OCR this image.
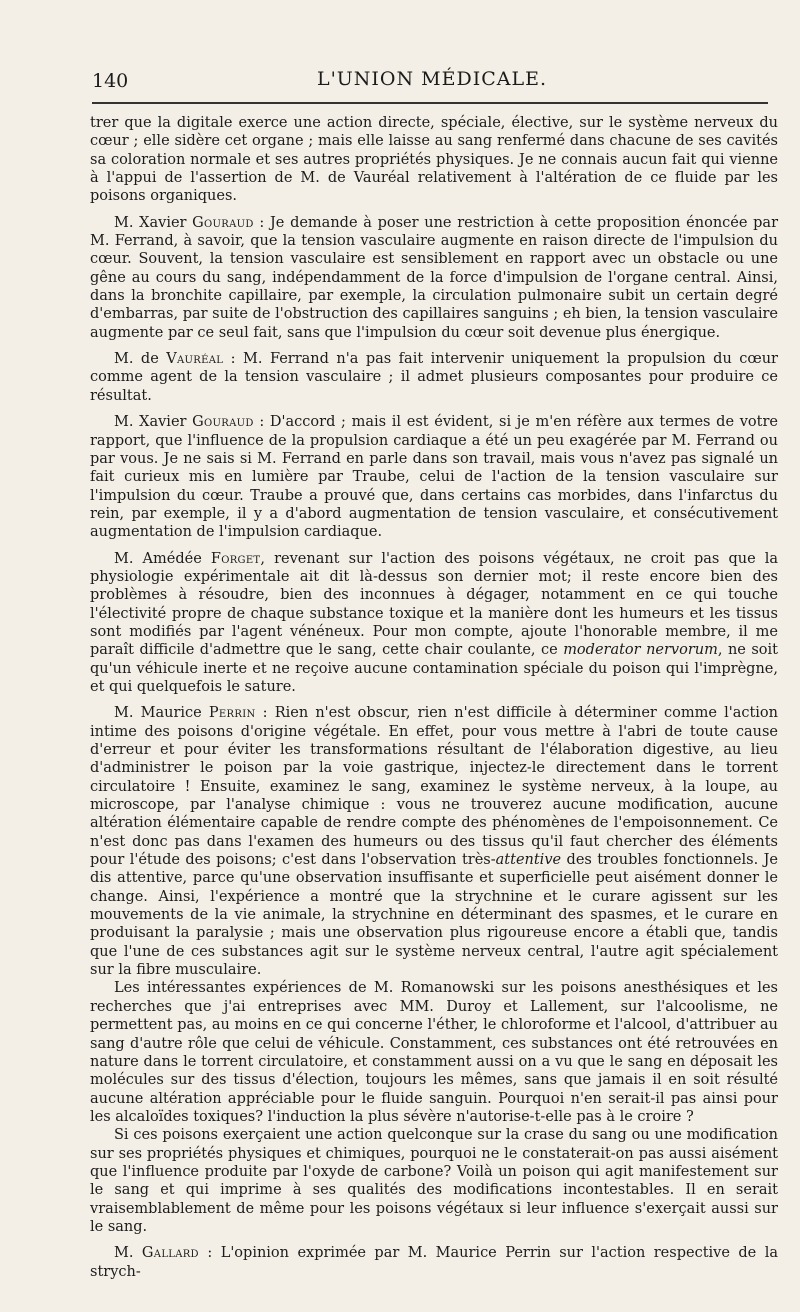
140	L'UNION MÉDICALE.

trer que la digitale exerce une action directe, spéciale, élective, sur le système nerveux du cœur ; elle sidère cet organe ; mais elle laisse au sang renfermé dans chacune de ses cavités sa coloration normale et ses autres propriétés physiques. Je ne connais aucun fait qui vienne à l'appui de l'assertion de M. de Vauréal relativement à l'altération de ce fluide par les poisons organiques.

M. Xavier Gouraud : Je demande à poser une restriction à cette proposition énoncée par M. Ferrand, à savoir, que la tension vasculaire augmente en raison directe de l'impulsion du cœur. Souvent, la tension vasculaire est sensiblement en rapport avec un obstacle ou une gêne au cours du sang, indépendamment de la force d'impulsion de l'organe central. Ainsi, dans la bronchite capillaire, par exemple, la circulation pulmonaire subit un certain degré d'embarras, par suite de l'obstruction des capillaires sanguins ; eh bien, la tension vasculaire augmente par ce seul fait, sans que l'impulsion du cœur soit devenue plus énergique.

M. de Vauréal : M. Ferrand n'a pas fait intervenir uniquement la propulsion du cœur comme agent de la tension vasculaire ; il admet plusieurs composantes pour produire ce résultat.

M. Xavier Gouraud : D'accord ; mais il est évident, si je m'en réfère aux termes de votre rapport, que l'influence de la propulsion cardiaque a été un peu exagérée par M. Ferrand ou par vous. Je ne sais si M. Ferrand en parle dans son travail, mais vous n'avez pas signalé un fait curieux mis en lumière par Traube, celui de l'action de la tension vasculaire sur l'impulsion du cœur. Traube a prouvé que, dans certains cas morbides, dans l'infarctus du rein, par exemple, il y a d'abord augmentation de tension vasculaire, et consécutivement augmentation de l'impulsion cardiaque.

M. Amédée Forget, revenant sur l'action des poisons végétaux, ne croit pas que la physiologie expérimentale ait dit là-dessus son dernier mot; il reste encore bien des problèmes à résoudre, bien des inconnues à dégager, notamment en ce qui touche l'électivité propre de chaque substance toxique et la manière dont les humeurs et les tissus sont modifiés par l'agent vénéneux. Pour mon compte, ajoute l'honorable membre, il me paraît difficile d'admettre que le sang, cette chair coulante, ce moderator nervorum, ne soit qu'un véhicule inerte et ne reçoive aucune contamination spéciale du poison qui l'imprègne, et qui quelquefois le sature.

M. Maurice Perrin : Rien n'est obscur, rien n'est difficile à déterminer comme l'action intime des poisons d'origine végétale. En effet, pour vous mettre à l'abri de toute cause d'erreur et pour éviter les transformations résultant de l'élaboration digestive, au lieu d'administrer le poison par la voie gastrique, injectez-le directement dans le torrent circulatoire ! Ensuite, examinez le sang, examinez le système nerveux, à la loupe, au microscope, par l'analyse chimique : vous ne trouverez aucune modification, aucune altération élémentaire capable de rendre compte des phénomènes de l'empoisonnement. Ce n'est donc pas dans l'examen des humeurs ou des tissus qu'il faut chercher des éléments pour l'étude des poisons; c'est dans l'observation très-attentive des troubles fonctionnels. Je dis attentive, parce qu'une observation insuffisante et superficielle peut aisément donner le change. Ainsi, l'expérience a montré que la strychnine et le curare agissent sur les mouvements de la vie animale, la strychnine en déterminant des spasmes, et le curare en produisant la paralysie ; mais une observation plus rigoureuse encore a établi que, tandis que l'une de ces substances agit sur le système nerveux central, l'autre agit spécialement sur la fibre musculaire.

Les intéressantes expériences de M. Romanowski sur les poisons anesthésiques et les recherches que j'ai entreprises avec MM. Duroy et Lallement, sur l'alcoolisme, ne permettent pas, au moins en ce qui concerne l'éther, le chloroforme et l'alcool, d'attribuer au sang d'autre rôle que celui de véhicule. Constamment, ces substances ont été retrouvées en nature dans le torrent circulatoire, et constamment aussi on a vu que le sang en déposait les molécules sur des tissus d'élection, toujours les mêmes, sans que jamais il en soit résulté aucune altération appréciable pour le fluide sanguin. Pourquoi n'en serait-il pas ainsi pour les alcaloïdes toxiques? l'induction la plus sévère n'autorise-t-elle pas à le croire ?

Si ces poisons exerçaient une action quelconque sur la crase du sang ou une modification sur ses propriétés physiques et chimiques, pourquoi ne le constaterait-on pas aussi aisément que l'influence produite par l'oxyde de carbone? Voilà un poison qui agit manifestement sur le sang et qui imprime à ses qualités des modifications incontestables. Il en serait vraisemblablement de même pour les poisons végétaux si leur influence s'exerçait aussi sur le sang.

M. Gallard : L'opinion exprimée par M. Maurice Perrin sur l'action respective de la strych-
